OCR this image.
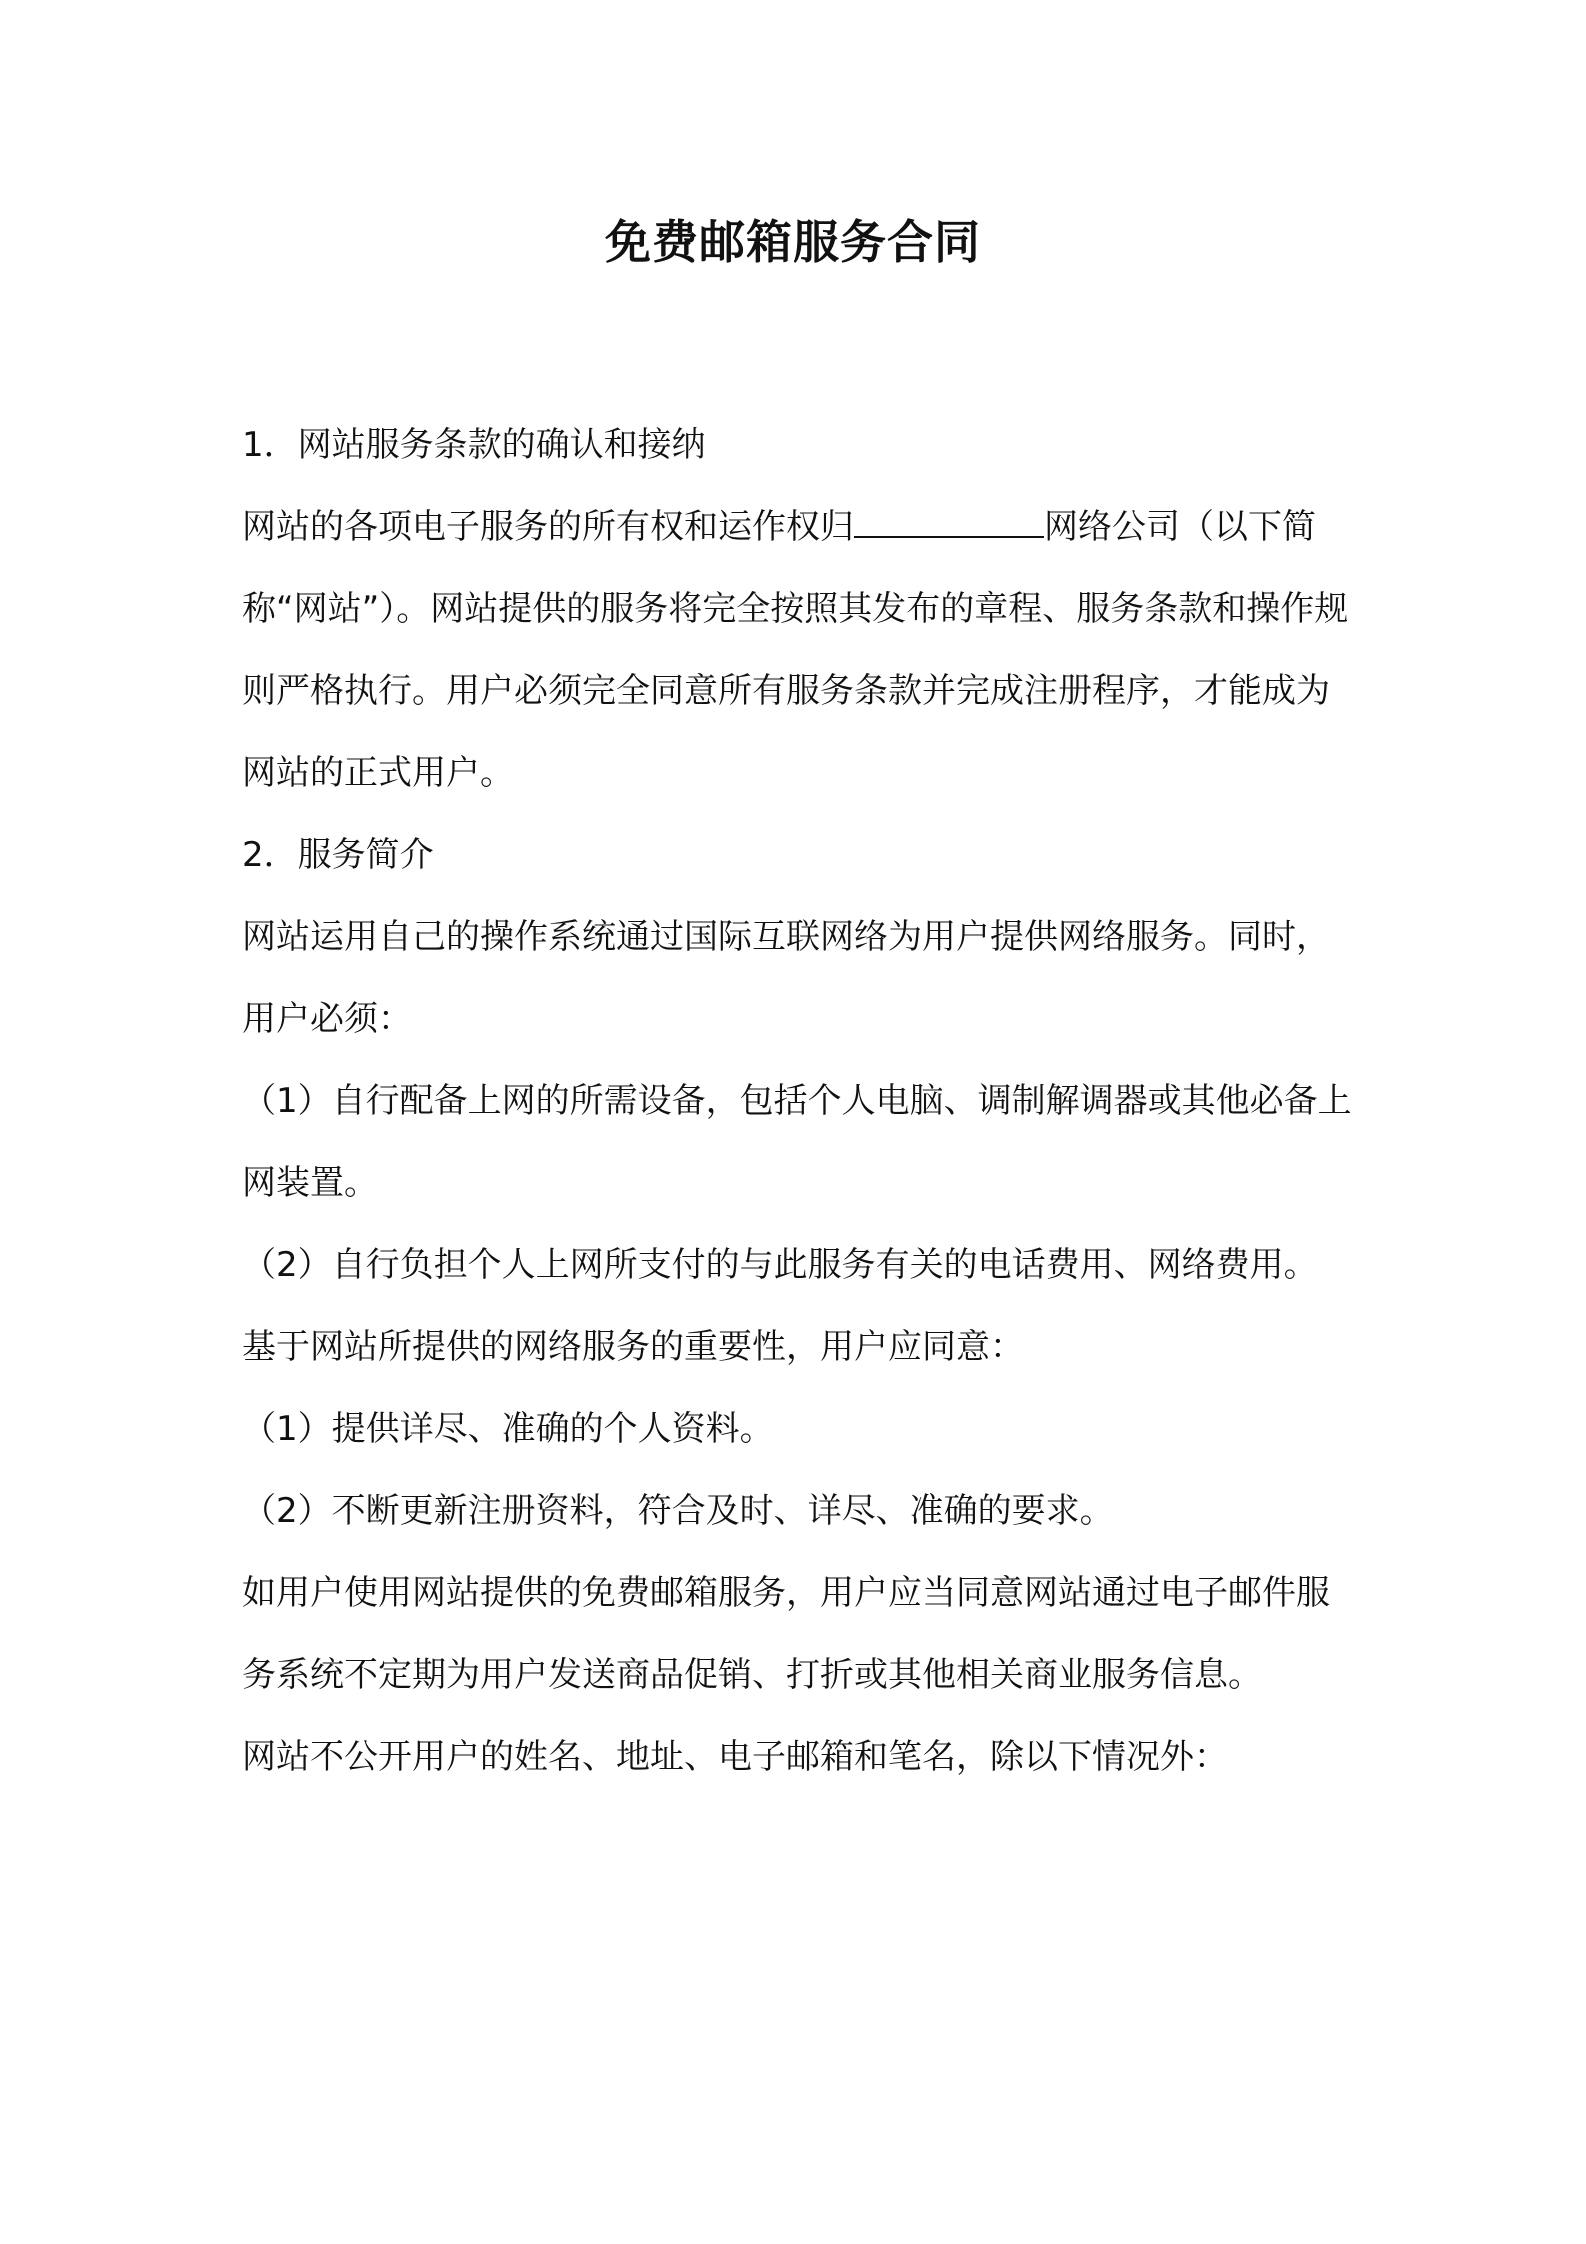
免费邮箱服务合同

1．网站服务条款的确认和接纳

网站的各项电子服务的所有权和运作权归	网络公司（以下简称“网站”）。网站提供的服务将完全按照其发布的章程、服务条款和操作规则严格执行。用户必须完全同意所有服务条款并完成注册程序，才能成为网站的正式用户。

2．服务简介

网站运用自己的操作系统通过国际互联网络为用户提供网络服务。同时，用户必须：

（1）自行配备上网的所需设备，包括个人电脑、调制解调器或其他必备上网装置。

（2）自行负担个人上网所支付的与此服务有关的电话费用、网络费用。

基于网站所提供的网络服务的重要性，用户应同意：

（1）提供详尽、准确的个人资料。

（2）不断更新注册资料，符合及时、详尽、准确的要求。

如用户使用网站提供的免费邮箱服务，用户应当同意网站通过电子邮件服务系统不定期为用户发送商品促销、打折或其他相关商业服务信息。

网站不公开用户的姓名、地址、电子邮箱和笔名，除以下情况外：
